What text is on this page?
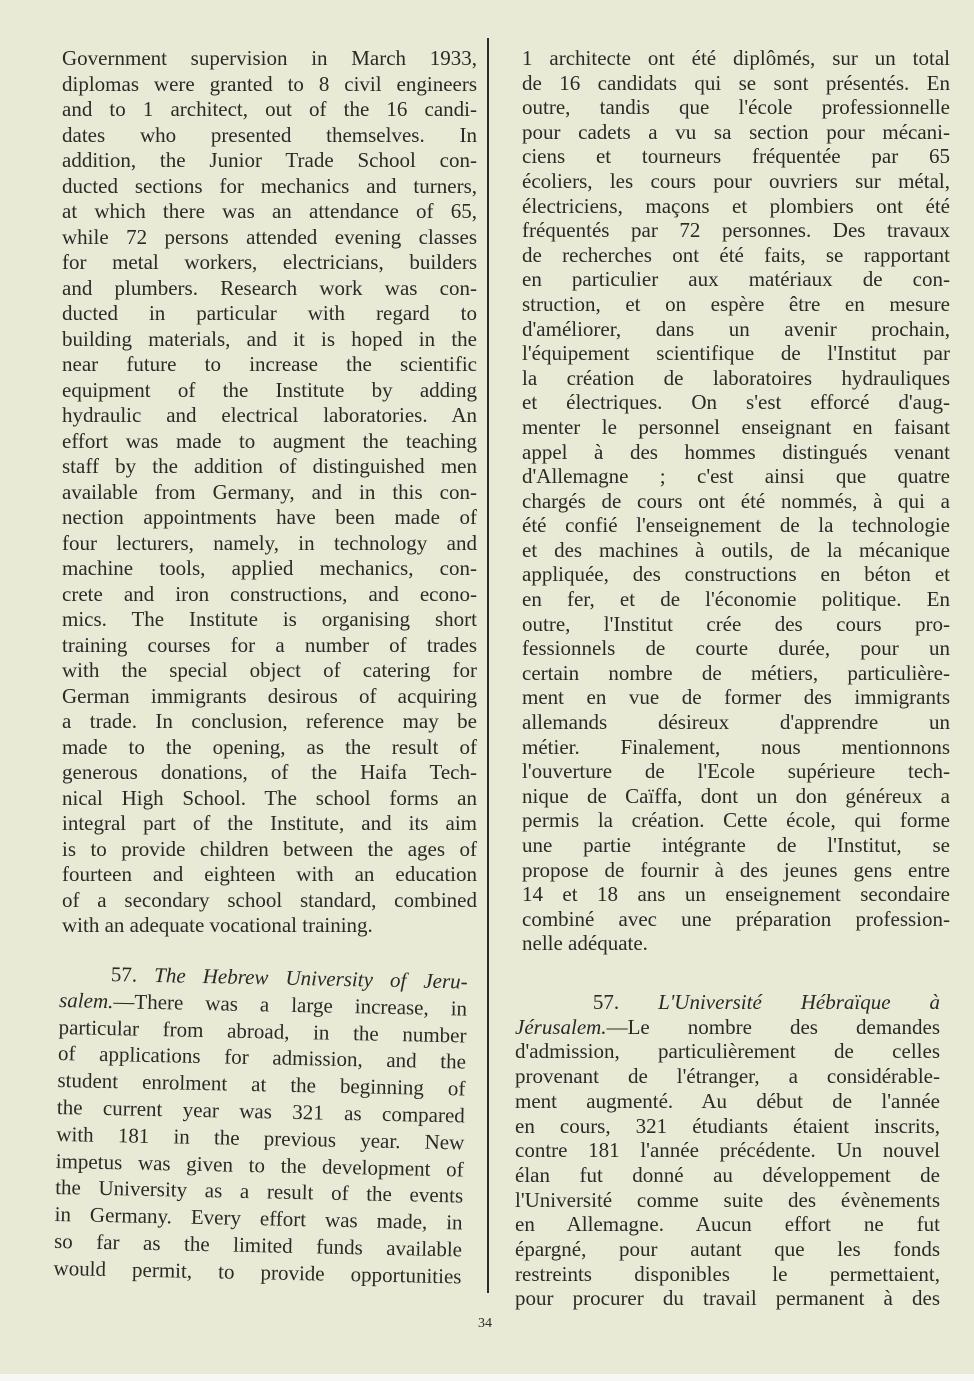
Government supervision in March 1933,
diplomas were granted to 8 civil engineers
and to 1 architect, out of the 16 candi-
dates who presented themselves. In
addition, the Junior Trade School con-
ducted sections for mechanics and turners,
at which there was an attendance of 65,
while 72 persons attended evening classes
for metal workers, electricians, builders
and plumbers. Research work was con-
ducted in particular with regard to
building materials, and it is hoped in the
near future to increase the scientific
equipment of the Institute by adding
hydraulic and electrical laboratories. An
effort was made to augment the teaching
staff by the addition of distinguished men
available from Germany, and in this con-
nection appointments have been made of
four lecturers, namely, in technology and
machine tools, applied mechanics, con-
crete and iron constructions, and econo-
mics. The Institute is organising short
training courses for a number of trades
with the special object of catering for
German immigrants desirous of acquiring
a trade. In conclusion, reference may be
made to the opening, as the result of
generous donations, of the Haifa Tech-
nical High School. The school forms an
integral part of the Institute, and its aim
is to provide children between the ages of
fourteen and eighteen with an education
of a secondary school standard, combined
with an adequate vocational training.
57. The Hebrew University of Jeru-
salem.—There was a large increase, in
particular from abroad, in the number
of applications for admission, and the
student enrolment at the beginning of
the current year was 321 as compared
with 181 in the previous year. New
impetus was given to the development of
the University as a result of the events
in Germany. Every effort was made, in
so far as the limited funds available
would permit, to provide opportunities
1 architecte ont été diplômés, sur un total
de 16 candidats qui se sont présentés. En
outre, tandis que l'école professionnelle
pour cadets a vu sa section pour mécani-
ciens et tourneurs fréquentée par 65
écoliers, les cours pour ouvriers sur métal,
électriciens, maçons et plombiers ont été
fréquentés par 72 personnes. Des travaux
de recherches ont été faits, se rapportant
en particulier aux matériaux de con-
struction, et on espère être en mesure
d'améliorer, dans un avenir prochain,
l'équipement scientifique de l'Institut par
la création de laboratoires hydrauliques
et électriques. On s'est efforcé d'aug-
menter le personnel enseignant en faisant
appel à des hommes distingués venant
d'Allemagne ; c'est ainsi que quatre
chargés de cours ont été nommés, à qui a
été confié l'enseignement de la technologie
et des machines à outils, de la mécanique
appliquée, des constructions en béton et
en fer, et de l'économie politique. En
outre, l'Institut crée des cours pro-
fessionnels de courte durée, pour un
certain nombre de métiers, particulière-
ment en vue de former des immigrants
allemands désireux d'apprendre un
métier. Finalement, nous mentionnons
l'ouverture de l'Ecole supérieure tech-
nique de Caïffa, dont un don généreux a
permis la création. Cette école, qui forme
une partie intégrante de l'Institut, se
propose de fournir à des jeunes gens entre
14 et 18 ans un enseignement secondaire
combiné avec une préparation profession-
nelle adéquate.
57. L'Université Hébraïque à
Jérusalem.—Le nombre des demandes
d'admission, particulièrement de celles
provenant de l'étranger, a considérable-
ment augmenté. Au début de l'année
en cours, 321 étudiants étaient inscrits,
contre 181 l'année précédente. Un nouvel
élan fut donné au développement de
l'Université comme suite des évènements
en Allemagne. Aucun effort ne fut
épargné, pour autant que les fonds
restreints disponibles le permettaient,
pour procurer du travail permanent à des
34
